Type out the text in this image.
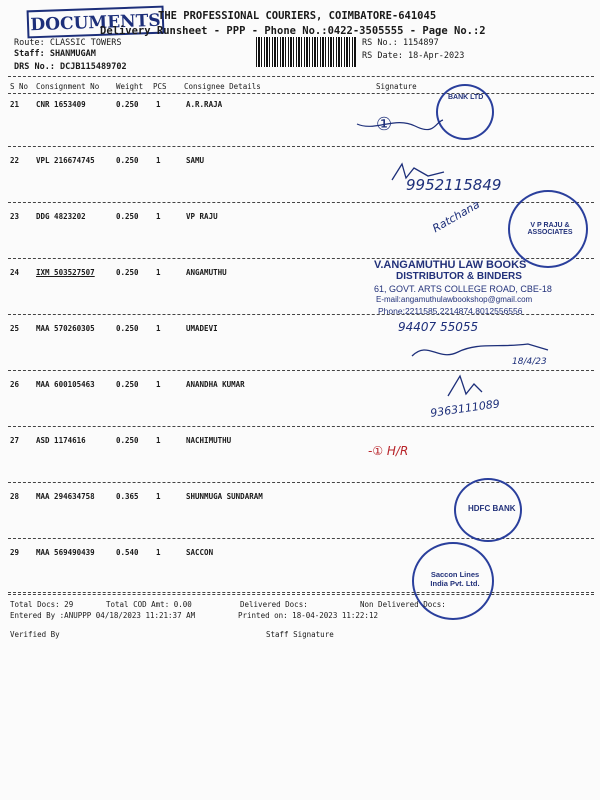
DOCUMENTS
THE PROFESSIONAL COURIERS, COIMBATORE-641045
Delivery Runsheet - PPP - Phone No.:0422-3505555 - Page No.:2
Route: CLASSIC TOWERS
Staff: SHANMUGAM
DRS No.: DCJB115489702
RS No.: 1154897
RS Date: 18-Apr-2023
S No Consignment No Weight PCS Consignee Details	Signature
21 CNR 1653409	0.250 1	A.R.RAJA
22 VPL 216674745	0.250 1	SAMU
23 DDG 4823202	0.250 1	VP RAJU
24 IXM 503527507	0.250 1	ANGAMUTHU
25 MAA 570260305	0.250 1	UMADEVI
26 MAA 600105463	0.250 1	ANANDHA KUMAR
27 ASD 1174616	0.250 1	NACHIMUTHU
28 MAA 294634758	0.365 1	SHUNMUGA SUNDARAM
29 MAA 569490439	0.540 1	SACCON
BANK LTD
①
9952115849
V P RAJU & ASSOCIATES
Ratchana
V.ANGAMUTHU LAW BOOKS
DISTRIBUTOR & BINDERS
61, GOVT. ARTS COLLEGE ROAD, CBE-18
E-mail:angamuthulawbookshop@gmail.com
Phone:2211585,2214874,8012556556
94407 55055
18/4/23
9363111089
-① H/R
HDFC BANK
Saccon Lines India Pvt. Ltd.
Total Docs: 29	Total COD Amt: 0.00	Delivered Docs:	Non Delivered Docs:
Entered By :ANUPPP 04/18/2023 11:21:37 AM	Printed on: 18-04-2023 11:22:12
Verified By	Staff Signature
